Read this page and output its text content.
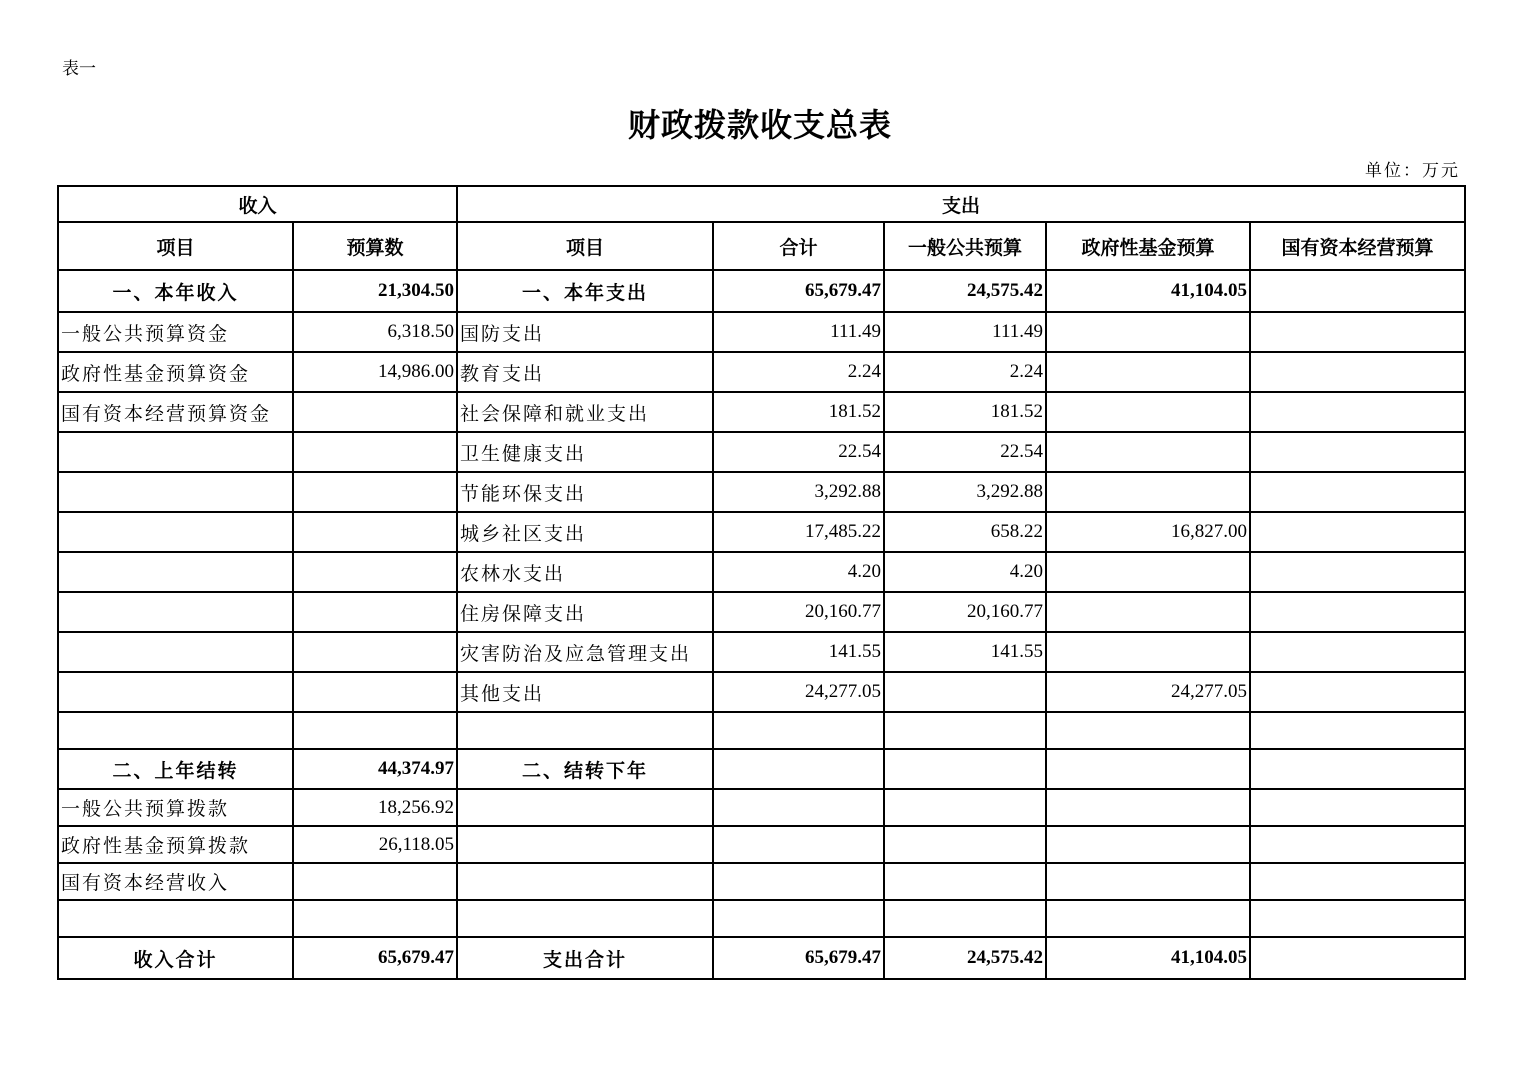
表一
财政拨款收支总表
单位：万元
收入		支出				
项目	预算数	项目	合计	一般公共预算	政府性基金预算	国有资本经营预算
一、本年收入	21,304.50	一、本年支出	65,679.47	24,575.42	41,104.05	
一般公共预算资金	6,318.50	国防支出	111.49	111.49		
政府性基金预算资金	14,986.00	教育支出	2.24	2.24		
国有资本经营预算资金		社会保障和就业支出	181.52	181.52		
		卫生健康支出	22.54	22.54		
		节能环保支出	3,292.88	3,292.88		
		城乡社区支出	17,485.22	658.22	16,827.00	
		农林水支出	4.20	4.20		
		住房保障支出	20,160.77	20,160.77		
		灾害防治及应急管理支出	141.55	141.55		
		其他支出	24,277.05		24,277.05	

二、上年结转	44,374.97	二、结转下年				
一般公共预算拨款	18,256.92					
政府性基金预算拨款	26,118.05					
国有资本经营收入						

收入合计	65,679.47	支出合计	65,679.47	24,575.42	41,104.05	
